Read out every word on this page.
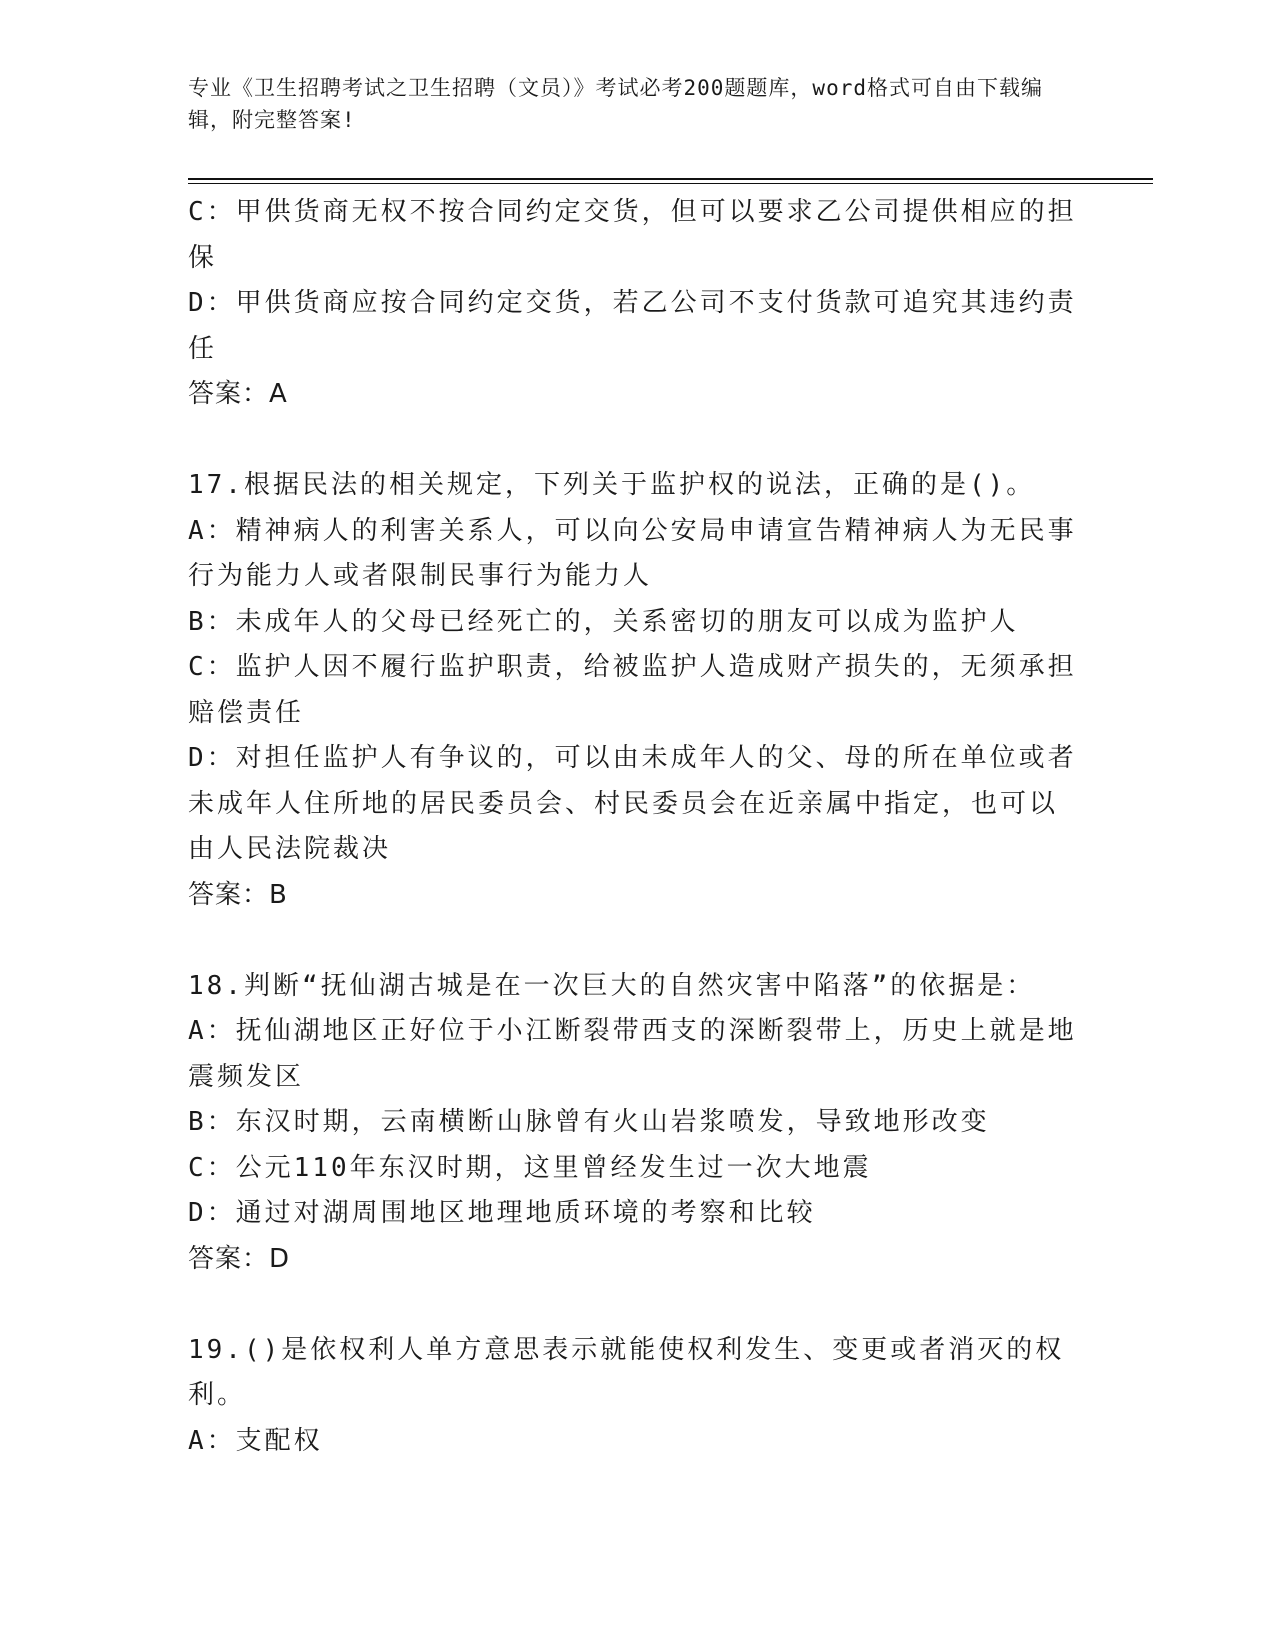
专业《卫生招聘考试之卫生招聘（文员）》考试必考200题题库，word格式可自由下载编辑，附完整答案!

C：甲供货商无权不按合同约定交货，但可以要求乙公司提供相应的担保

D：甲供货商应按合同约定交货，若乙公司不支付货款可追究其违约责任

答案：A

17.根据民法的相关规定，下列关于监护权的说法，正确的是()。

A：精神病人的利害关系人，可以向公安局申请宣告精神病人为无民事行为能力人或者限制民事行为能力人

B：未成年人的父母已经死亡的，关系密切的朋友可以成为监护人

C：监护人因不履行监护职责，给被监护人造成财产损失的，无须承担赔偿责任

D：对担任监护人有争议的，可以由未成年人的父、母的所在单位或者未成年人住所地的居民委员会、村民委员会在近亲属中指定，也可以由人民法院裁决

答案：B

18.判断“抚仙湖古城是在一次巨大的自然灾害中陷落”的依据是：

A：抚仙湖地区正好位于小江断裂带西支的深断裂带上，历史上就是地震频发区

B：东汉时期，云南横断山脉曾有火山岩浆喷发，导致地形改变

C：公元110年东汉时期，这里曾经发生过一次大地震

D：通过对湖周围地区地理地质环境的考察和比较

答案：D

19.()是依权利人单方意思表示就能使权利发生、变更或者消灭的权利。

A：支配权
